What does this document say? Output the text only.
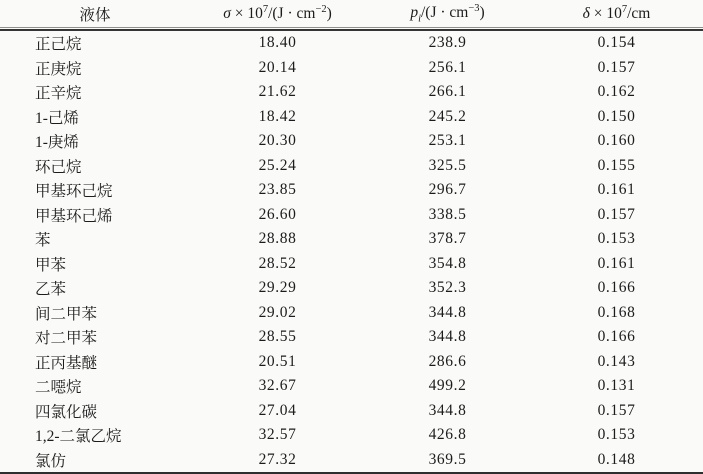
液体	$\sigma \times 10^7/(J \cdot cm^{-2})$	$p_i/(J \cdot cm^{-3})$	$\delta \times 10^7/cm$
正己烷	18.40	238.9	0.154
正庚烷	20.14	256.1	0.157
正辛烷	21.62	266.1	0.162
1-己烯	18.42	245.2	0.150
1-庚烯	20.30	253.1	0.160
环己烷	25.24	325.5	0.155
甲基环己烷	23.85	296.7	0.161
甲基环己烯	26.60	338.5	0.157
苯	28.88	378.7	0.153
甲苯	28.52	354.8	0.161
乙苯	29.29	352.3	0.166
间二甲苯	29.02	344.8	0.168
对二甲苯	28.55	344.8	0.166
正丙基醚	20.51	286.6	0.143
二噁烷	32.67	499.2	0.131
四氯化碳	27.04	344.8	0.157
1,2-二氯乙烷	32.57	426.8	0.153
氯仿	27.32	369.5	0.148
